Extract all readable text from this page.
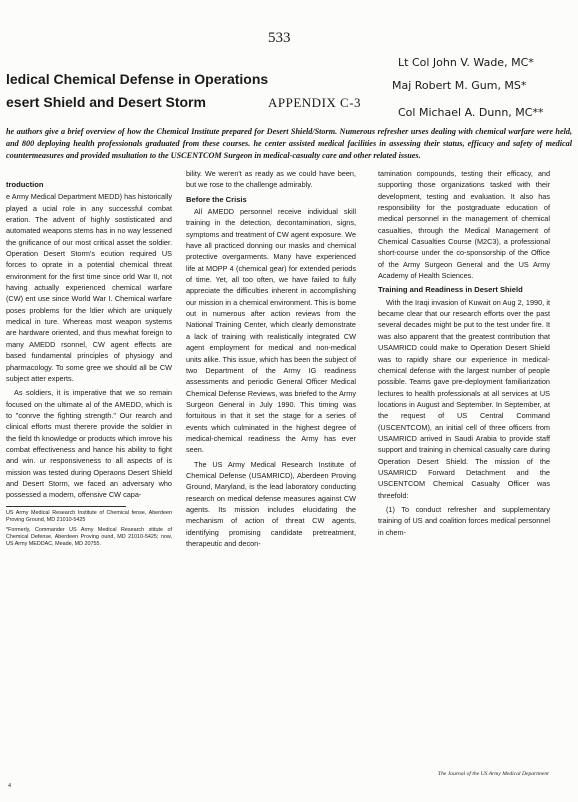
533
ledical Chemical Defense in Operations
esert Shield and Desert Storm	APPENDIX C-3
Lt Col John V. Wade, MC*
Maj Robert M. Gum, MS*
Col Michael A. Dunn, MC**

he authors give a brief overview of how the Chemical Institute prepared for Desert Shield/Storm. Numerous refresher urses dealing with chemical warfare were held, and 800 deploying health professionals graduated from these courses. he center assisted medical facilities in assessing their status, efficacy and safety of medical countermeasures and provided msultation to the USCENTCOM Surgeon in medical-casualty care and other related issues.

troduction

e Army Medical Department MEDD) has historically played a ucial role in any successful combat eration. The advent of highly sostisticated and automated weapons stems has in no way lessened the gnificance of our most critical asset the soldier. Operation Desert Storm's ecution required US forces to oprate in a potential chemical threat environment for the first time since orld War II, not having actually experienced chemical warfare (CW) ent use since World War I. Chemical warfare poses problems for the ldier which are uniquely medical in ture. Whereas most weapon systems are hardware oriented, and thus mewhat foreign to many AMEDD rsonnel, CW agent effects are based fundamental principles of physiogy and pharmacology. To some gree we should all be CW subject atter experts.

As soldiers, it is imperative that we so remain focused on the ultimate al of the AMEDD, which is to "conrve the fighting strength." Our rearch and clinical efforts must therere provide the soldier in the field th knowledge or products which imrove his combat effectiveness and hance his ability to fight and win. ur responsiveness to all aspects of is mission was tested during Operaons Desert Shield and Desert Storm, we faced an adversary who possessed a modern, offensive CW capa-

US Army Medical Research Institute of Chemical fense, Aberdeen Proving Ground, MD 21010-5425

*Formerly, Commander US Army Medical Research stitute of Chemical Defense, Aberdeen Proving ound, MD 21010-5425; now, US Army MEDDAC, Meade, MD 20755.

bility. We weren't as ready as we could have been, but we rose to the challenge admirably.

Before the Crisis

All AMEDD personnel receive individual skill training in the detection, decontamination, signs, symptoms and treatment of CW agent exposure. We have all practiced donning our masks and chemical protective overgarments. Many have experienced life at MOPP 4 (chemical gear) for extended periods of time. Yet, all too often, we have failed to fully appreciate the difficulties inherent in accomplishing our mission in a chemical environment. This is borne out in numerous after action reviews from the National Training Center, which clearly demonstrate a lack of training with realistically integrated CW agent employment for medical and non-medical units alike. This issue, which has been the subject of two Department of the Army IG readiness assessments and periodic General Officer Medical Chemical Defense Reviews, was briefed to the Army Surgeon General in July 1990. This timing was fortuitous in that it set the stage for a series of events which culminated in the highest degree of medical-chemical readiness the Army has ever seen.

The US Army Medical Research Institute of Chemical Defense (USAMRICD), Aberdeen Proving Ground, Maryland, is the lead laboratory conducting research on medical defense measures against CW agents. Its mission includes elucidating the mechanism of action of threat CW agents, identifying promising candidate pretreatment, therapeutic and decon-

tamination compounds, testing their efficacy, and supporting those organizations tasked with their development, testing and evaluation. It also has responsibility for the postgraduate education of medical personnel in the management of chemical casualties, through the Medical Management of Chemical Casualties Course (M2C3), a professional short-course under the co-sponsorship of the Office of the Army Surgeon General and the US Army Academy of Health Sciences.

Training and Readiness in Desert Shield

With the Iraqi invasion of Kuwait on Aug 2, 1990, it became clear that our research efforts over the past several decades might be put to the test under fire. It was also apparent that the greatest contribution that USAMRICD could make to Operation Desert Shield was to rapidly share our experience in medical-chemical defense with the largest number of people possible. Teams gave pre-deployment familiarization lectures to health professionals at all services at US locations in August and September. In September, at the request of US Central Command (USCENTCOM), an initial cell of three officers from USAMRICD arrived in Saudi Arabia to provide staff support and training in chemical casualty care during Operation Desert Shield. The mission of the USAMRICD Forward Detachment and the USCENTCOM Chemical Casualty Officer was threefold:

(1) To conduct refresher and supplementary training of US and coalition forces medical personnel in chem-

The Journal of the US Army Medical Department
4
